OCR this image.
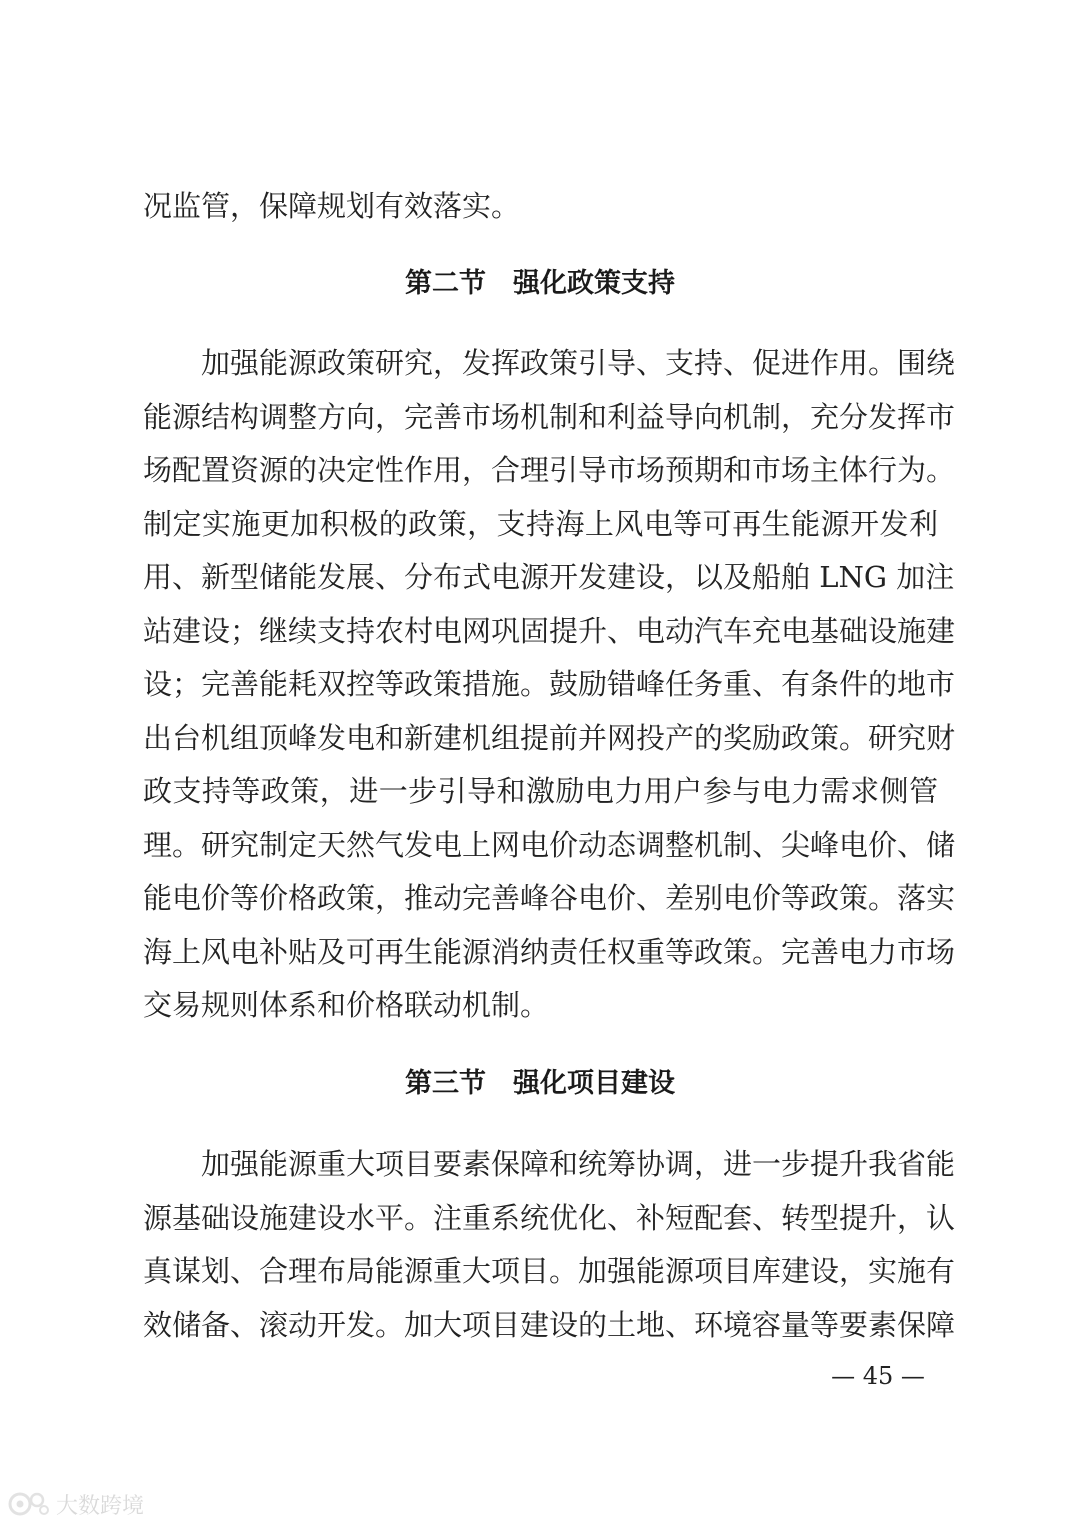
况监管，保障规划有效落实。
第二节　强化政策支持
　　加强能源政策研究，发挥政策引导、支持、促进作用。围绕
能源结构调整方向，完善市场机制和利益导向机制，充分发挥市
场配置资源的决定性作用，合理引导市场预期和市场主体行为。
制定实施更加积极的政策，支持海上风电等可再生能源开发利
用、新型储能发展、分布式电源开发建设，以及船舶 LNG 加注
站建设；继续支持农村电网巩固提升、电动汽车充电基础设施建
设；完善能耗双控等政策措施。鼓励错峰任务重、有条件的地市
出台机组顶峰发电和新建机组提前并网投产的奖励政策。研究财
政支持等政策，进一步引导和激励电力用户参与电力需求侧管
理。研究制定天然气发电上网电价动态调整机制、尖峰电价、储
能电价等价格政策，推动完善峰谷电价、差别电价等政策。落实
海上风电补贴及可再生能源消纳责任权重等政策。完善电力市场
交易规则体系和价格联动机制。
第三节　强化项目建设
　　加强能源重大项目要素保障和统筹协调，进一步提升我省能
源基础设施建设水平。注重系统优化、补短配套、转型提升，认
真谋划、合理布局能源重大项目。加强能源项目库建设，实施有
效储备、滚动开发。加大项目建设的土地、环境容量等要素保障
— 45 —
大数跨境
